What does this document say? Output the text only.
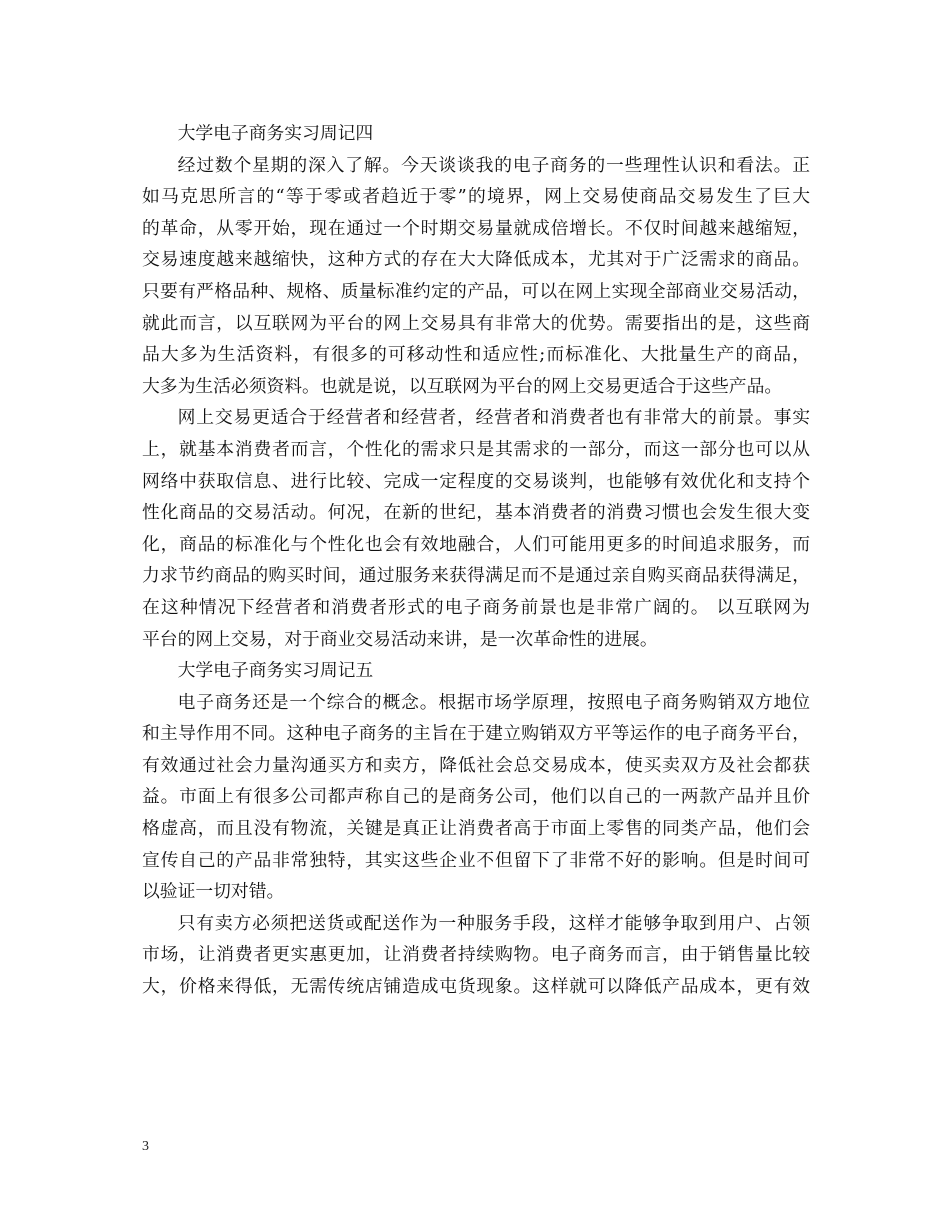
大学电子商务实习周记四
经过数个星期的深入了解。今天谈谈我的电子商务的一些理性认识和看法。正
如马克思所言的“等于零或者趋近于零”的境界，网上交易使商品交易发生了巨大
的革命，从零开始，现在通过一个时期交易量就成倍增长。不仅时间越来越缩短，
交易速度越来越缩快，这种方式的存在大大降低成本，尤其对于广泛需求的商品。
只要有严格品种、规格、质量标准约定的产品，可以在网上实现全部商业交易活动，
就此而言，以互联网为平台的网上交易具有非常大的优势。需要指出的是，这些商
品大多为生活资料，有很多的可移动性和适应性;而标准化、大批量生产的商品，
大多为生活必须资料。也就是说，以互联网为平台的网上交易更适合于这些产品。
网上交易更适合于经营者和经营者，经营者和消费者也有非常大的前景。事实
上，就基本消费者而言，个性化的需求只是其需求的一部分，而这一部分也可以从
网络中获取信息、进行比较、完成一定程度的交易谈判，也能够有效优化和支持个
性化商品的交易活动。何况，在新的世纪，基本消费者的消费习惯也会发生很大变
化，商品的标准化与个性化也会有效地融合，人们可能用更多的时间追求服务，而
力求节约商品的购买时间，通过服务来获得满足而不是通过亲自购买商品获得满足，
在这种情况下经营者和消费者形式的电子商务前景也是非常广阔的。 以互联网为
平台的网上交易，对于商业交易活动来讲，是一次革命性的进展。
大学电子商务实习周记五
电子商务还是一个综合的概念。根据市场学原理，按照电子商务购销双方地位
和主导作用不同。这种电子商务的主旨在于建立购销双方平等运作的电子商务平台，
有效通过社会力量沟通买方和卖方，降低社会总交易成本，使买卖双方及社会都获
益。市面上有很多公司都声称自己的是商务公司，他们以自己的一两款产品并且价
格虚高，而且没有物流，关键是真正让消费者高于市面上零售的同类产品，他们会
宣传自己的产品非常独特，其实这些企业不但留下了非常不好的影响。但是时间可
以验证一切对错。
只有卖方必须把送货或配送作为一种服务手段，这样才能够争取到用户、占领
市场，让消费者更实惠更加，让消费者持续购物。电子商务而言，由于销售量比较
大，价格来得低，无需传统店铺造成屯货现象。这样就可以降低产品成本，更有效
3
